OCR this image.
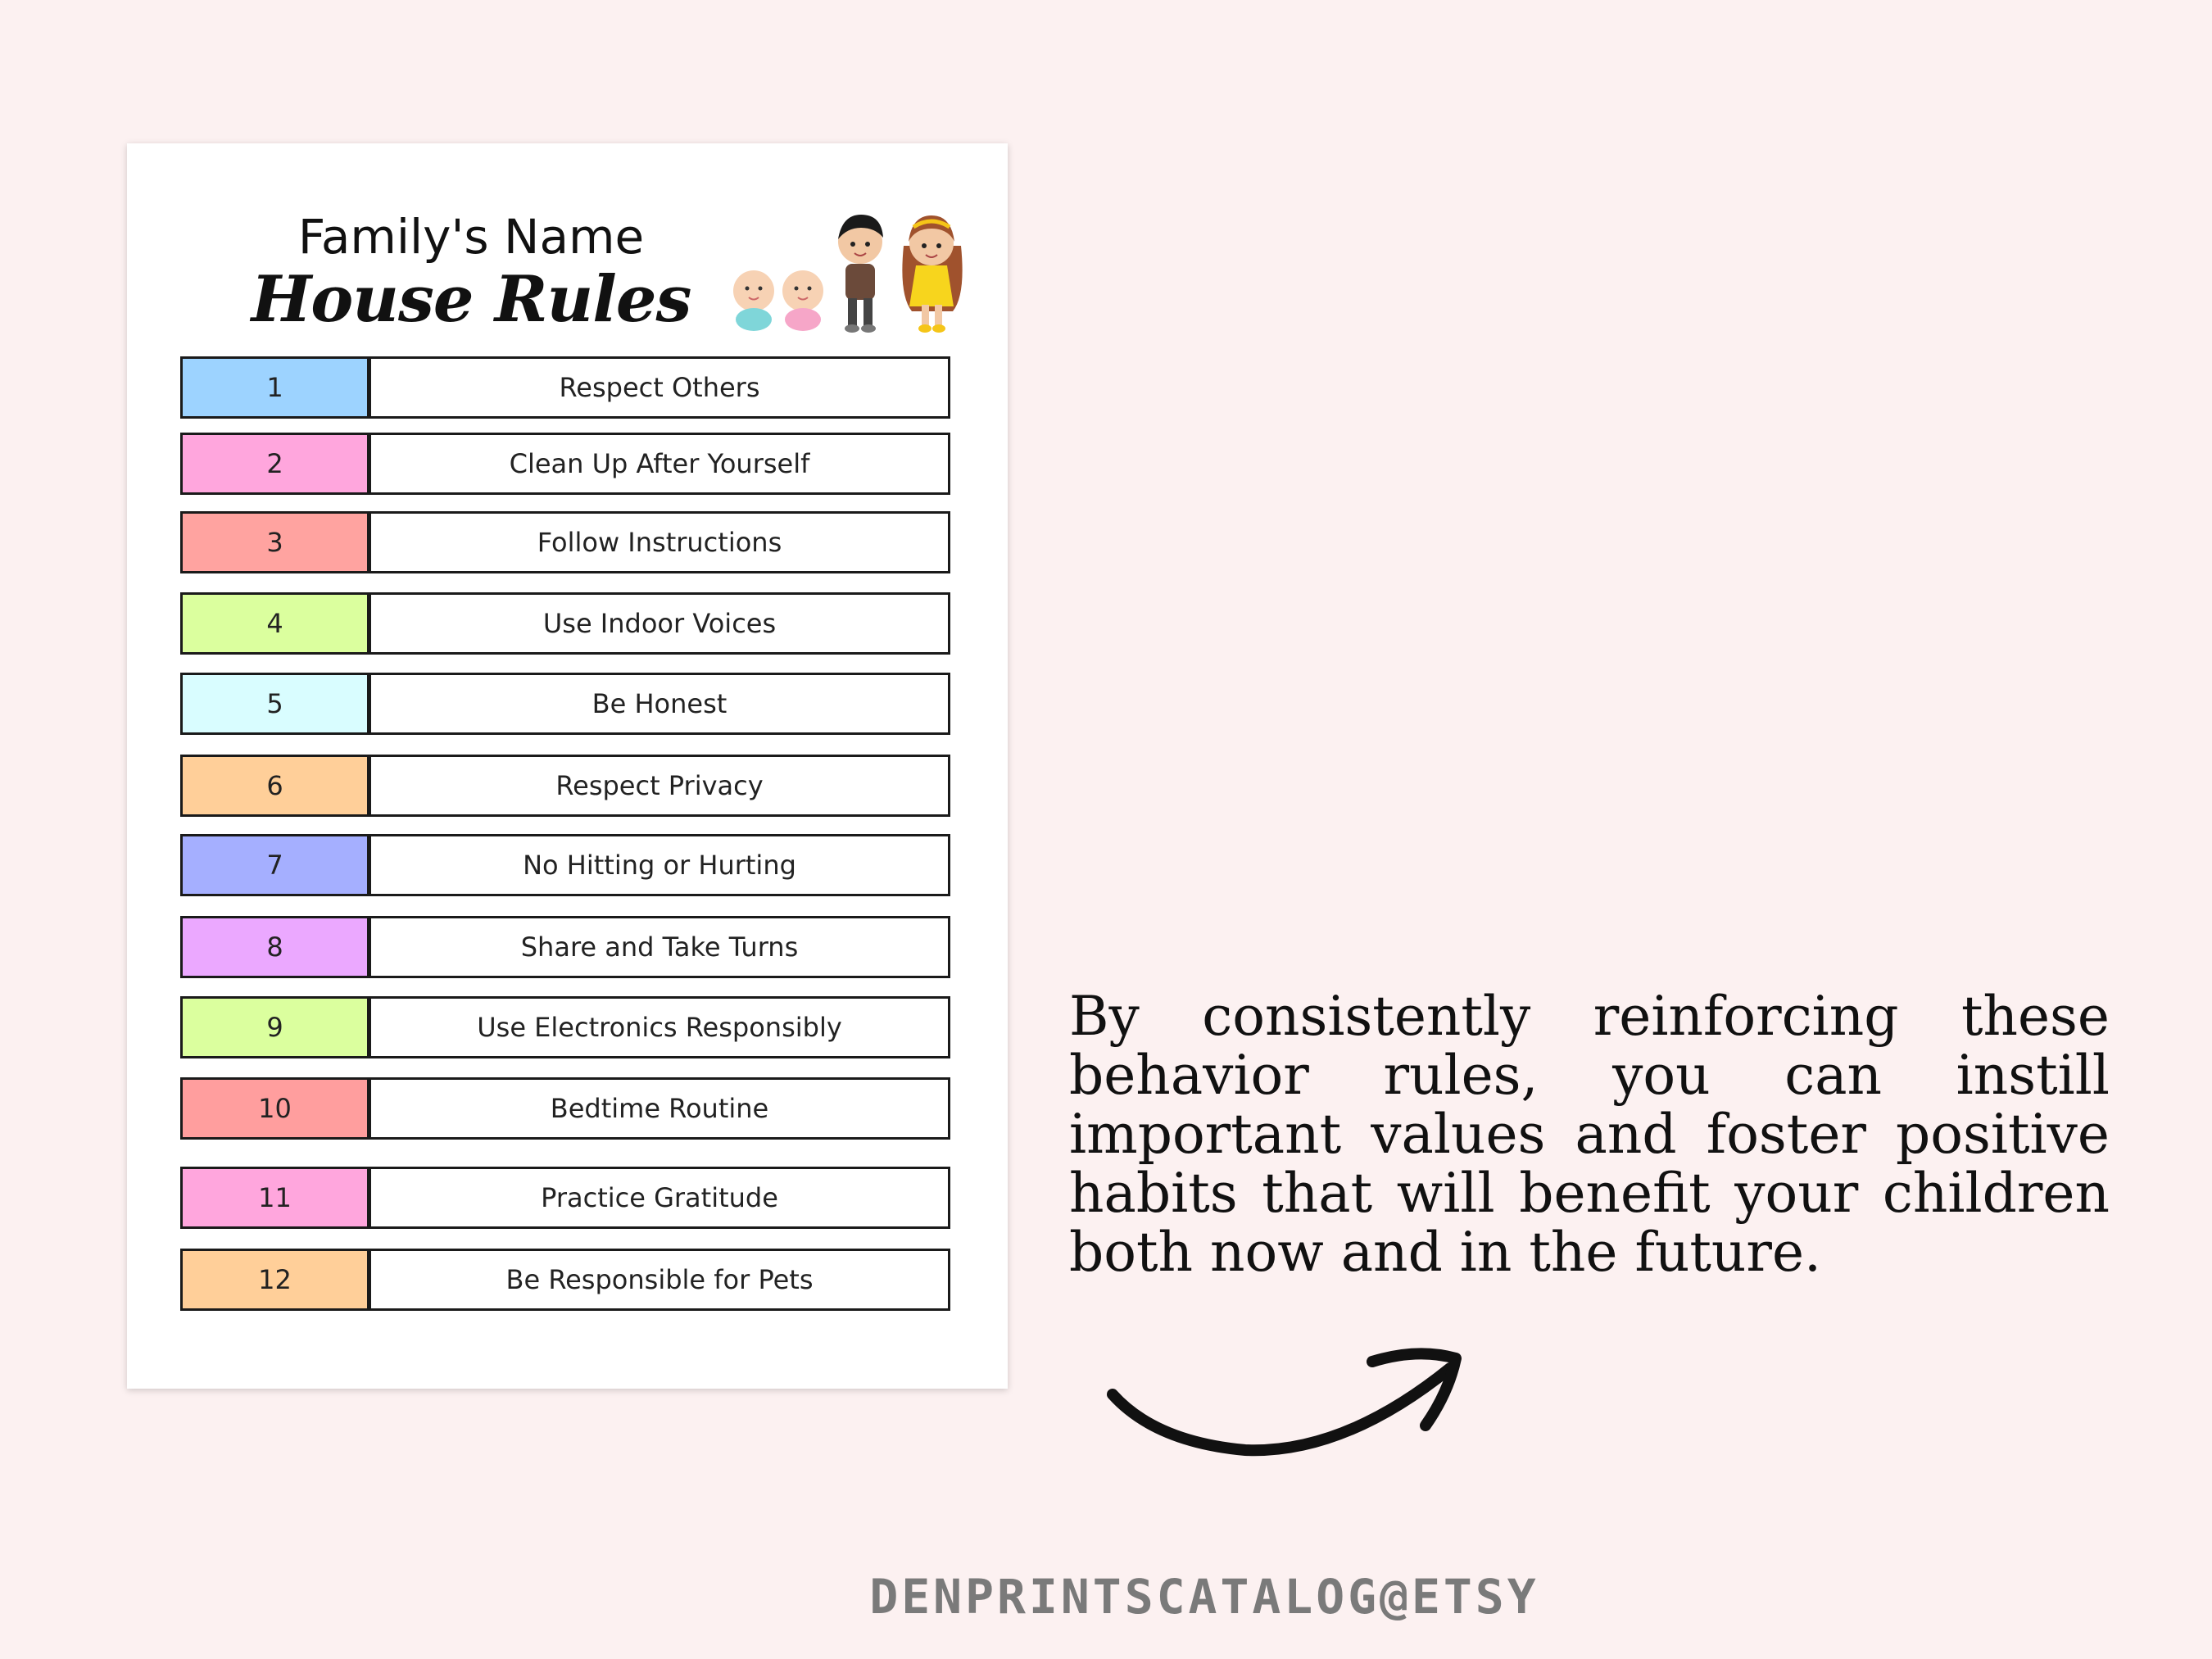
Family's Name
House Rules
1	Respect Others
2	Clean Up After Yourself
3	Follow Instructions
4	Use Indoor Voices
5	Be Honest
6	Respect Privacy
7	No Hitting or Hurting
8	Share and Take Turns
9	Use Electronics Responsibly
10	Bedtime Routine
11	Practice Gratitude
12	Be Responsible for Pets
By consistently reinforcing these behavior rules, you can instill important values and foster positive habits that will benefit your children both now and in the future.
DENPRINTSCATALOG@ETSY
